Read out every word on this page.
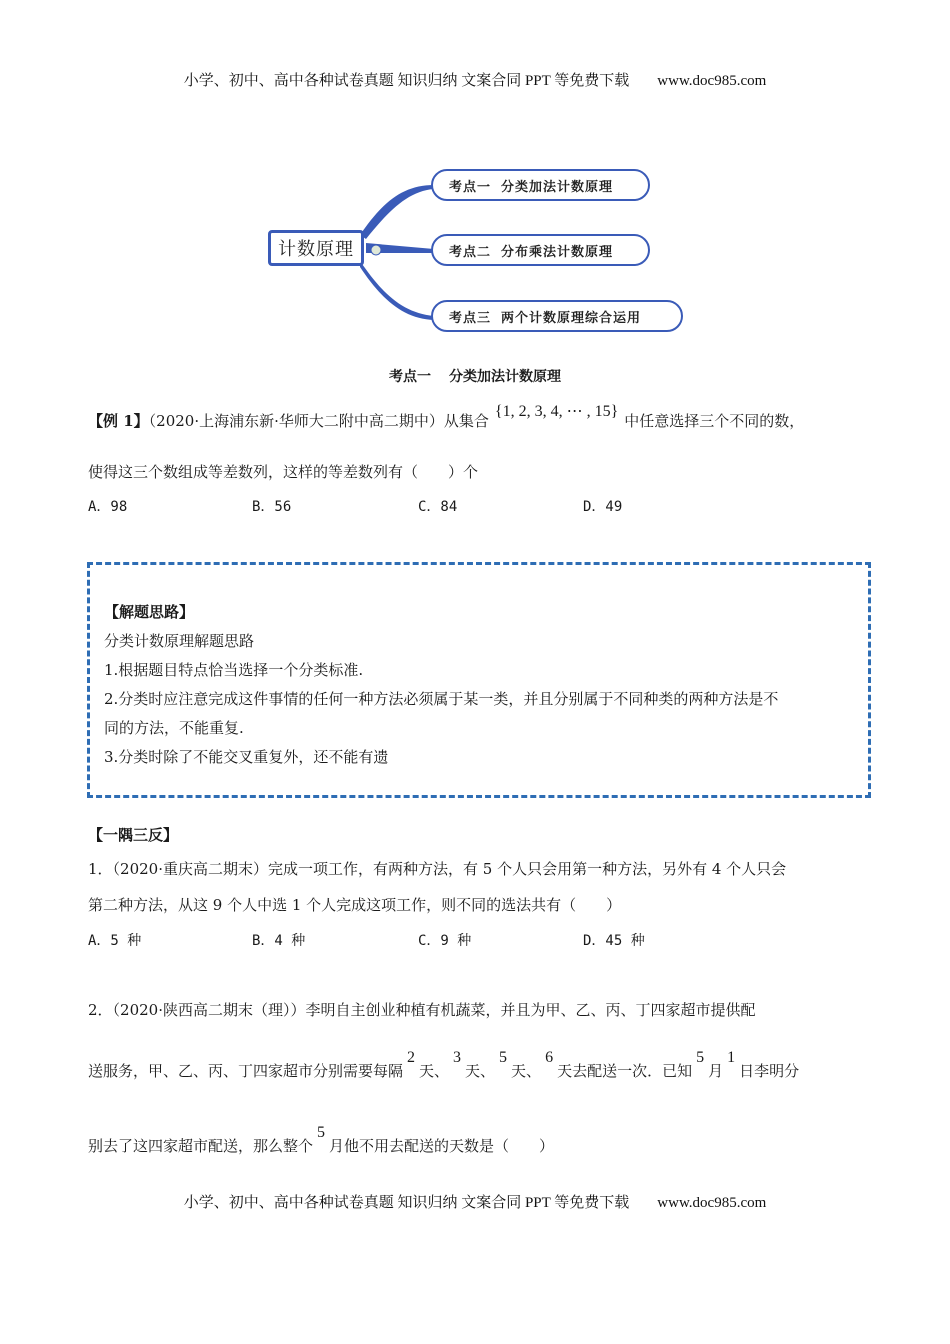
小学、初中、高中各种试卷真题 知识归纳 文案合同 PPT 等免费下载 www.doc985.com
计数原理
考点一 分类加法计数原理
考点二 分布乘法计数原理
考点三 两个计数原理综合运用
考点一 分类加法计数原理
【例 1】（2020·上海浦东新·华师大二附中高二期中）从集合{1, 2, 3, 4, ⋯ , 15}中任意选择三个不同的数，
使得这三个数组成等差数列，这样的等差数列有（　　）个
A．98	B．56	C．84	D．49
【解题思路】
分类计数原理解题思路
1.根据题目特点恰当选择一个分类标准.
2.分类时应注意完成这件事情的任何一种方法必须属于某一类，并且分别属于不同种类的两种方法是不
同的方法，不能重复.
3.分类时除了不能交叉重复外，还不能有遗
【一隅三反】
1．（2020·重庆高二期末）完成一项工作，有两种方法，有 5 个人只会用第一种方法，另外有 4 个人只会
第二种方法，从这 9 个人中选 1 个人完成这项工作，则不同的选法共有（　　）
A．5 种	B．4 种	C．9 种	D．45 种
2．（2020·陕西高二期末（理））李明自主创业种植有机蔬菜，并且为甲、乙、丙、丁四家超市提供配
送服务，甲、乙、丙、丁四家超市分别需要每隔2天、3天、5天、6天去配送一次．已知5月1日李明分
别去了这四家超市配送，那么整个5月他不用去配送的天数是（　　）
小学、初中、高中各种试卷真题 知识归纳 文案合同 PPT 等免费下载 www.doc985.com
